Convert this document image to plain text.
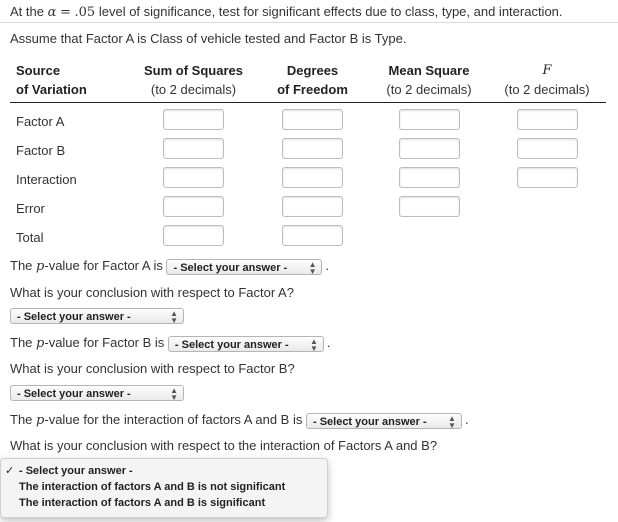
At the α = .05 level of significance, test for significant effects due to class, type, and interaction.

Assume that Factor A is Class of vehicle tested and Factor B is Type.

Source	Sum of Squares	Degrees	Mean Square	F
of Variation	(to 2 decimals)	of Freedom	(to 2 decimals)	(to 2 decimals)

Factor A				
Factor B				
Interaction				
Error				
Total				
The p-value for Factor A is - Select your answer -	▲
▼ .
What is your conclusion with respect to Factor A?
- Select your answer -	▲
▼
The p-value for Factor B is - Select your answer -	▲
▼ .
What is your conclusion with respect to Factor B?
- Select your answer -	▲
▼
The p-value for the interaction of factors A and B is - Select your answer -	▲
▼ .
What is your conclusion with respect to the interaction of Factors A and B?
✓ - Select your answer -
The interaction of factors A and B is not significant
The interaction of factors A and B is significant
